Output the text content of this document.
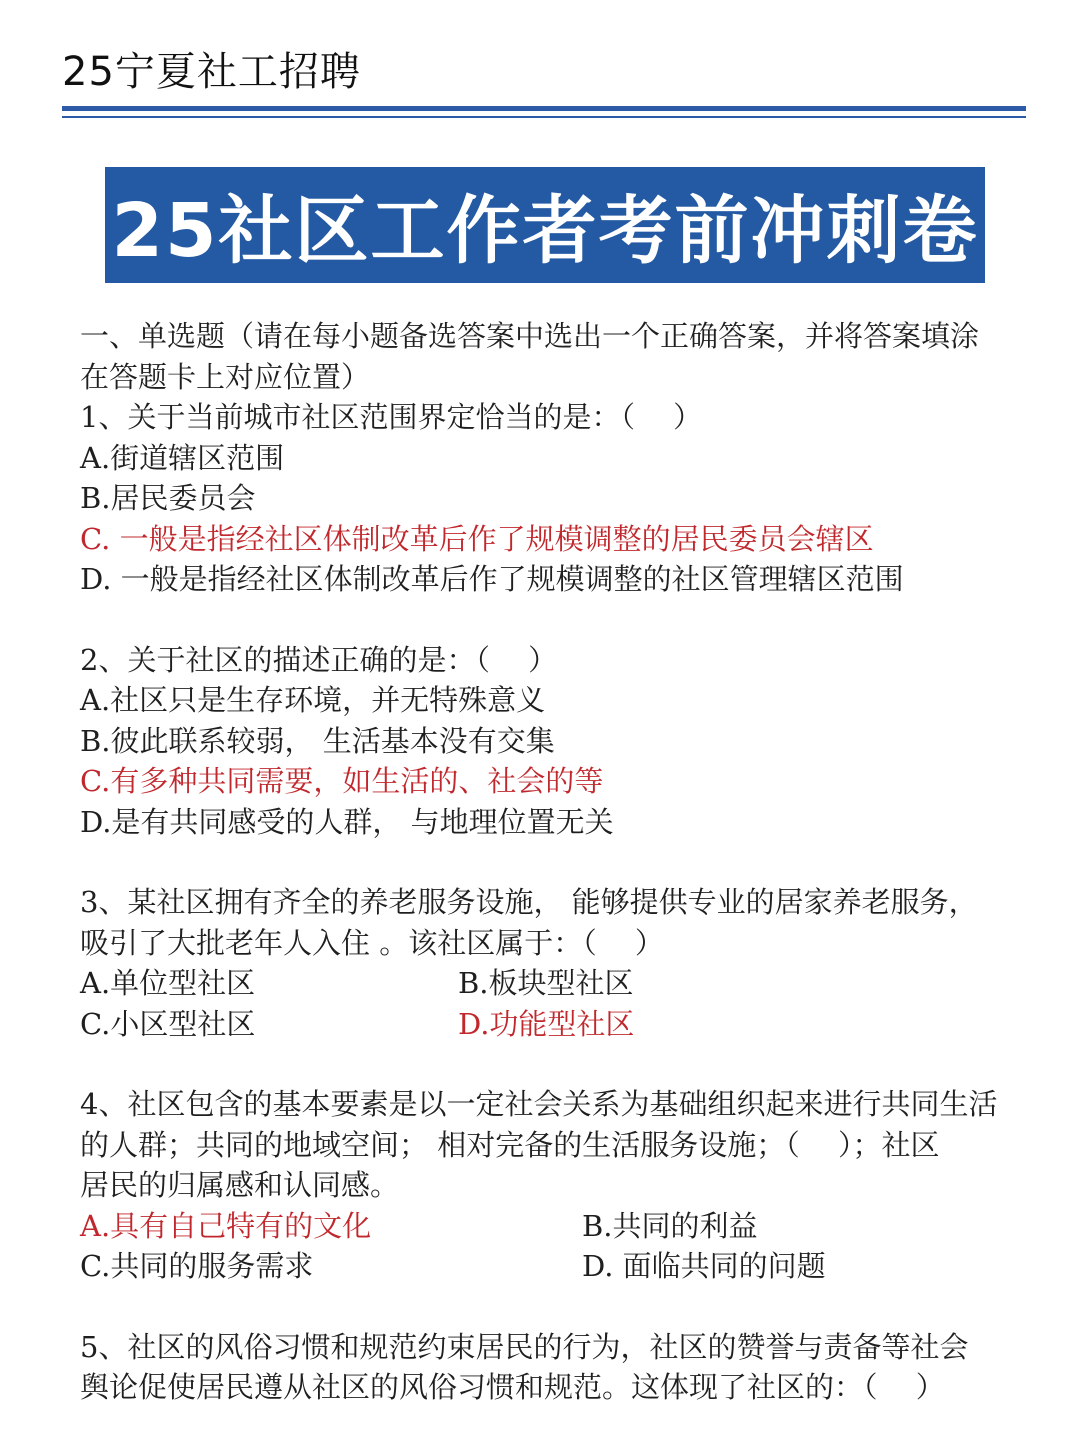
25宁夏社工招聘
25社区工作者考前冲刺卷
一、单选题（请在每小题备选答案中选出一个正确答案，并将答案填涂
在答题卡上对应位置）
1、关于当前城市社区范围界定恰当的是：（　 ）
A.街道辖区范围
B.居民委员会
C. 一般是指经社区体制改革后作了规模调整的居民委员会辖区
D. 一般是指经社区体制改革后作了规模调整的社区管理辖区范围
2、关于社区的描述正确的是：（　 ）
A.社区只是生存环境，并无特殊意义
B.彼此联系较弱， 生活基本没有交集
C.有多种共同需要，如生活的、社会的等
D.是有共同感受的人群， 与地理位置无关
3、某社区拥有齐全的养老服务设施， 能够提供专业的居家养老服务，
吸引了大批老年人入住 。该社区属于：（　 ）
A.单位型社区	B.板块型社区
C.小区型社区	D.功能型社区
4、社区包含的基本要素是以一定社会关系为基础组织起来进行共同生活
的人群；共同的地域空间； 相对完备的生活服务设施；（　 ）；社区
居民的归属感和认同感。
A.具有自己特有的文化	B.共同的利益
C.共同的服务需求	D. 面临共同的问题
5、社区的风俗习惯和规范约束居民的行为，社区的赞誉与责备等社会
舆论促使居民遵从社区的风俗习惯和规范。这体现了社区的：（　 ）
